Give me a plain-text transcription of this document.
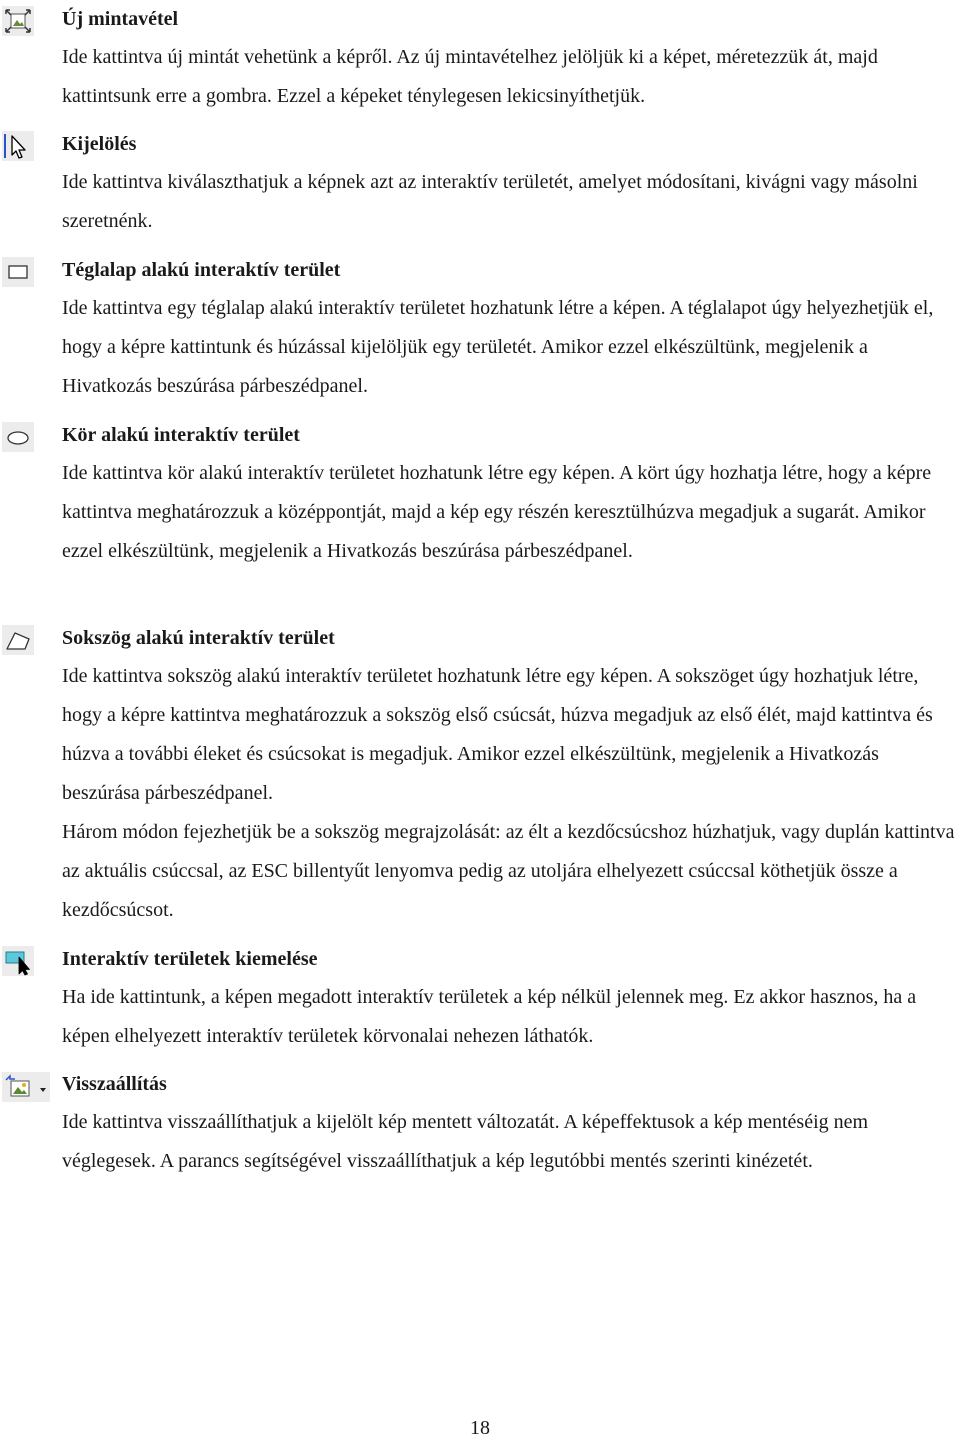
Új mintavétel

Ide kattintva új mintát vehetünk a képről. Az új mintavételhez jelöljük ki a képet, méretezzük át, majd kattintsunk erre a gombra. Ezzel a képeket ténylegesen lekicsinyíthetjük.

Kijelölés

Ide kattintva kiválaszthatjuk a képnek azt az interaktív területét, amelyet módosítani, kivágni vagy másolni szeretnénk.

Téglalap alakú interaktív terület

Ide kattintva egy téglalap alakú interaktív területet hozhatunk létre a képen. A téglalapot úgy helyezhetjük el, hogy a képre kattintunk és húzással kijelöljük egy területét. Amikor ezzel elkészültünk, megjelenik a Hivatkozás beszúrása párbeszédpanel.

Kör alakú interaktív terület

Ide kattintva kör alakú interaktív területet hozhatunk létre egy képen. A kört úgy hozhatja létre, hogy a képre kattintva meghatározzuk a középpontját, majd a kép egy részén keresztülhúzva megadjuk a sugarát. Amikor ezzel elkészültünk, megjelenik a Hivatkozás beszúrása párbeszédpanel.

Sokszög alakú interaktív terület

Ide kattintva sokszög alakú interaktív területet hozhatunk létre egy képen. A sokszöget úgy hozhatjuk létre, hogy a képre kattintva meghatározzuk a sokszög első csúcsát, húzva megadjuk az első élét, majd kattintva és húzva a további éleket és csúcsokat is megadjuk. Amikor ezzel elkészültünk, megjelenik a Hivatkozás beszúrása párbeszédpanel.

Három módon fejezhetjük be a sokszög megrajzolását: az élt a kezdőcsúcshoz húzhatjuk, vagy duplán kattintva az aktuális csúccsal, az ESC billentyűt lenyomva pedig az utoljára elhelyezett csúccsal köthetjük össze a kezdőcsúcsot.

Interaktív területek kiemelése

Ha ide kattintunk, a képen megadott interaktív területek a kép nélkül jelennek meg. Ez akkor hasznos, ha a képen elhelyezett interaktív területek körvonalai nehezen láthatók.

Visszaállítás

Ide kattintva visszaállíthatjuk a kijelölt kép mentett változatát. A képeffektusok a kép mentéséig nem véglegesek. A parancs segítségével visszaállíthatjuk a kép legutóbbi mentés szerinti kinézetét.

18
